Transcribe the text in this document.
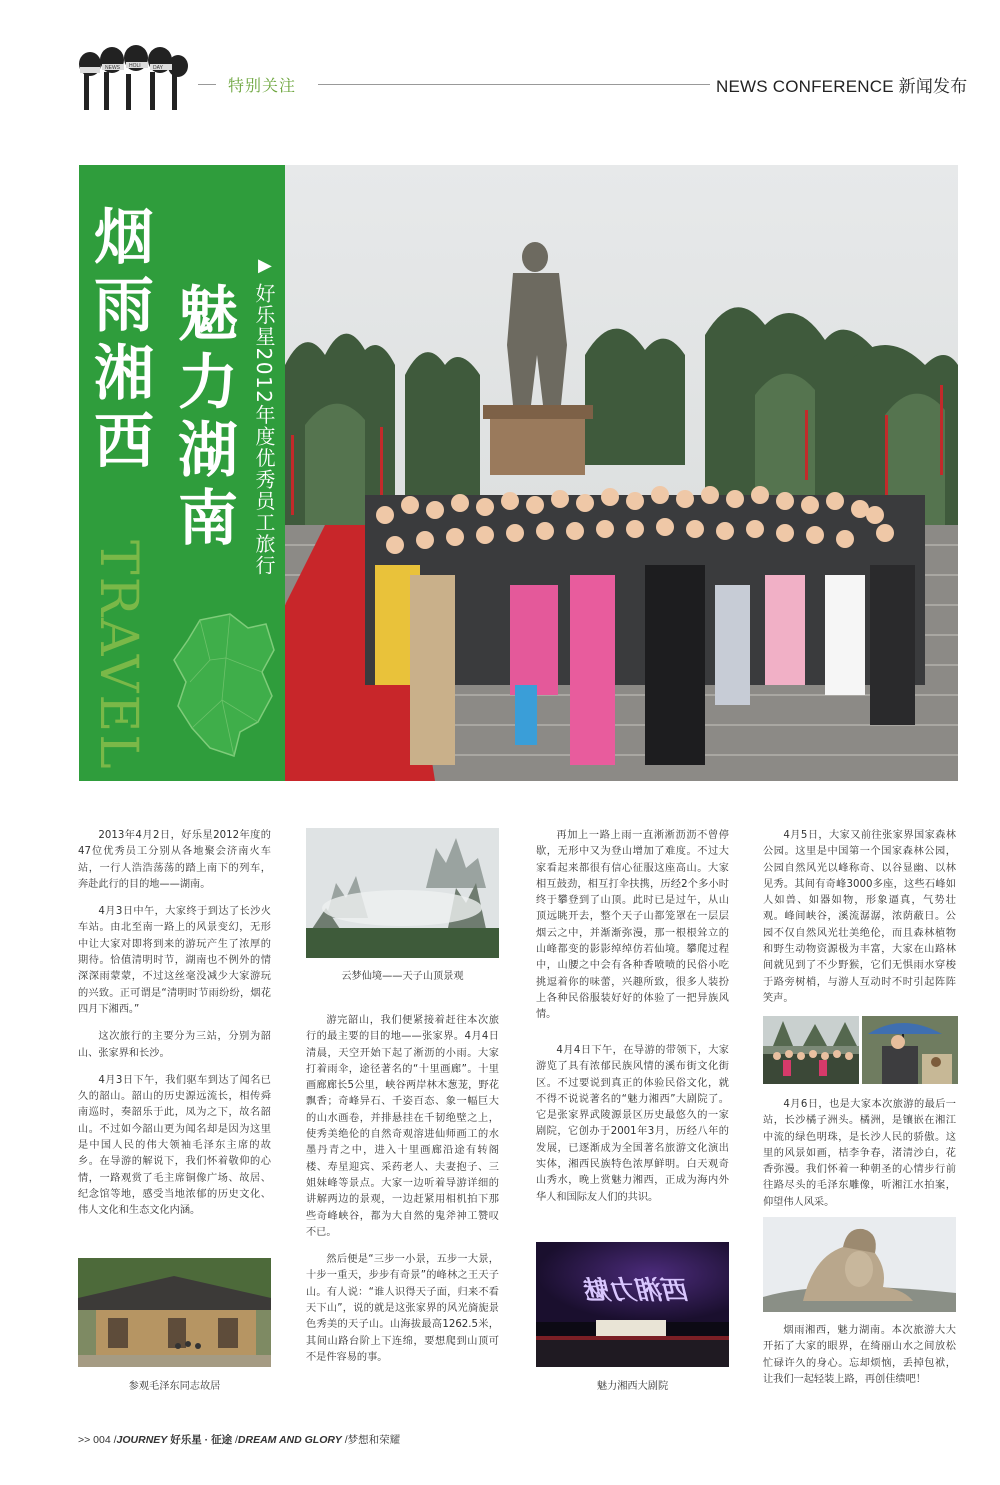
NEWS HOLI DAY
特别关注	NEWS CONFERENCE 新闻发布
烟雨湘西 魅力湖南
▶
好乐星2012年度优秀员工旅行
TRAVEL

2013年4月2日，好乐星2012年度的47位优秀员工分别从各地聚会济南火车站，一行人浩浩荡荡的踏上南下的列车，奔赴此行的目的地——湖南。

4月3日中午，大家终于到达了长沙火车站。由北至南一路上的风景变幻，无形中让大家对即将到来的游玩产生了浓厚的期待。恰值清明时节，湖南也不例外的情深深雨蒙蒙，不过这丝毫没减少大家游玩的兴致。正可谓是“清明时节雨纷纷，烟花四月下湘西。”

这次旅行的主要分为三站，分别为韶山、张家界和长沙。

4月3日下午，我们驱车到达了闻名已久的韶山。韶山的历史源远流长，相传舜南巡时，奏韶乐于此，凤为之下，故名韶山。不过如今韶山更为闻名却是因为这里是中国人民的伟大领袖毛泽东主席的故乡。在导游的解说下，我们怀着敬仰的心情，一路观赏了毛主席铜像广场、故居、纪念馆等地，感受当地浓郁的历史文化、伟人文化和生态文化内涵。

参观毛泽东同志故居
云梦仙境——天子山顶景观

游完韶山，我们便紧接着赶往本次旅行的最主要的目的地——张家界。4月4日清晨，天空开始下起了淅沥的小雨。大家打着雨伞，途径著名的“十里画廊”。十里画廊廊长5公里，峡谷两岸林木葱茏，野花飘香；奇峰异石、千姿百态、象一幅巨大的山水画卷，并排悬挂在千韧绝壁之上，使秀美绝伦的自然奇观溶进仙师画工的水墨丹青之中，进入十里画廊沿途有转阁楼、寿星迎宾、采药老人、夫妻抱子、三姐妹峰等景点。大家一边听着导游详细的讲解两边的景观，一边赶紧用相机拍下那些奇峰峡谷，都为大自然的鬼斧神工赞叹不已。

然后便是“三步一小景，五步一大景，十步一重天，步步有奇景”的峰林之王天子山。有人说：“谁人识得天子面，归来不看天下山”，说的就是这张家界的风光旖旎景色秀美的天子山。山海拔最高1262.5米，其间山路台阶上下连绵，要想爬到山顶可不是件容易的事。

再加上一路上雨一直淅淅沥沥不曾停歇，无形中又为登山增加了难度。不过大家看起来都很有信心征服这座高山。大家相互鼓劲，相互打伞扶携，历经2个多小时终于攀登到了山顶。此时已是过午，从山顶远眺开去，整个天子山都笼罩在一层层烟云之中，并渐渐弥漫，那一根根耸立的山峰都变的影影绰绰仿若仙境。攀爬过程中，山腰之中会有各种香喷喷的民俗小吃挑逗着你的味蕾，兴趣所致，很多人装扮上各种民俗服装好好的体验了一把异族风情。

4月4日下午，在导游的带领下，大家游览了具有浓郁民族风情的溪布街文化街区。不过要说到真正的体验民俗文化，就不得不说说著名的“魅力湘西”大剧院了。它是张家界武陵源景区历史最悠久的一家剧院，它创办于2001年3月，历经八年的发展，已逐渐成为全国著名旅游文化演出实体，湘西民族特色浓厚鲜明。白天观奇山秀水，晚上赏魅力湘西，正成为海内外华人和国际友人们的共识。

西湘力魅
魅力湘西大剧院

4月5日，大家又前往张家界国家森林公园。这里是中国第一个国家森林公园，公园自然风光以峰称奇、以谷显幽、以林见秀。其间有奇峰3000多座，这些石峰如人如兽、如器如物，形象逼真，气势壮观。峰间峡谷，溪流潺潺，浓荫蔽日。公园不仅自然风光壮美绝伦，而且森林植物和野生动物资源极为丰富，大家在山路林间就见到了不少野猴，它们无惧雨水穿梭于路旁树梢，与游人互动时不时引起阵阵笑声。

4月6日，也是大家本次旅游的最后一站，长沙橘子洲头。橘洲，是镶嵌在湘江中流的绿色明珠，是长沙人民的骄傲。这里的风景如画，桔李争春，渚清沙白，花香弥漫。我们怀着一种朝圣的心情步行前往路尽头的毛泽东雕像，听湘江水拍案，仰望伟人风采。

烟雨湘西，魅力湖南。本次旅游大大开拓了大家的眼界，在绮丽山水之间放松忙碌许久的身心。忘却烦恼，丢掉包袱，让我们一起轻装上路，再创佳绩吧！

>> 004 /JOURNEY 好乐星 · 征途 /DREAM AND GLORY /梦想和荣耀
